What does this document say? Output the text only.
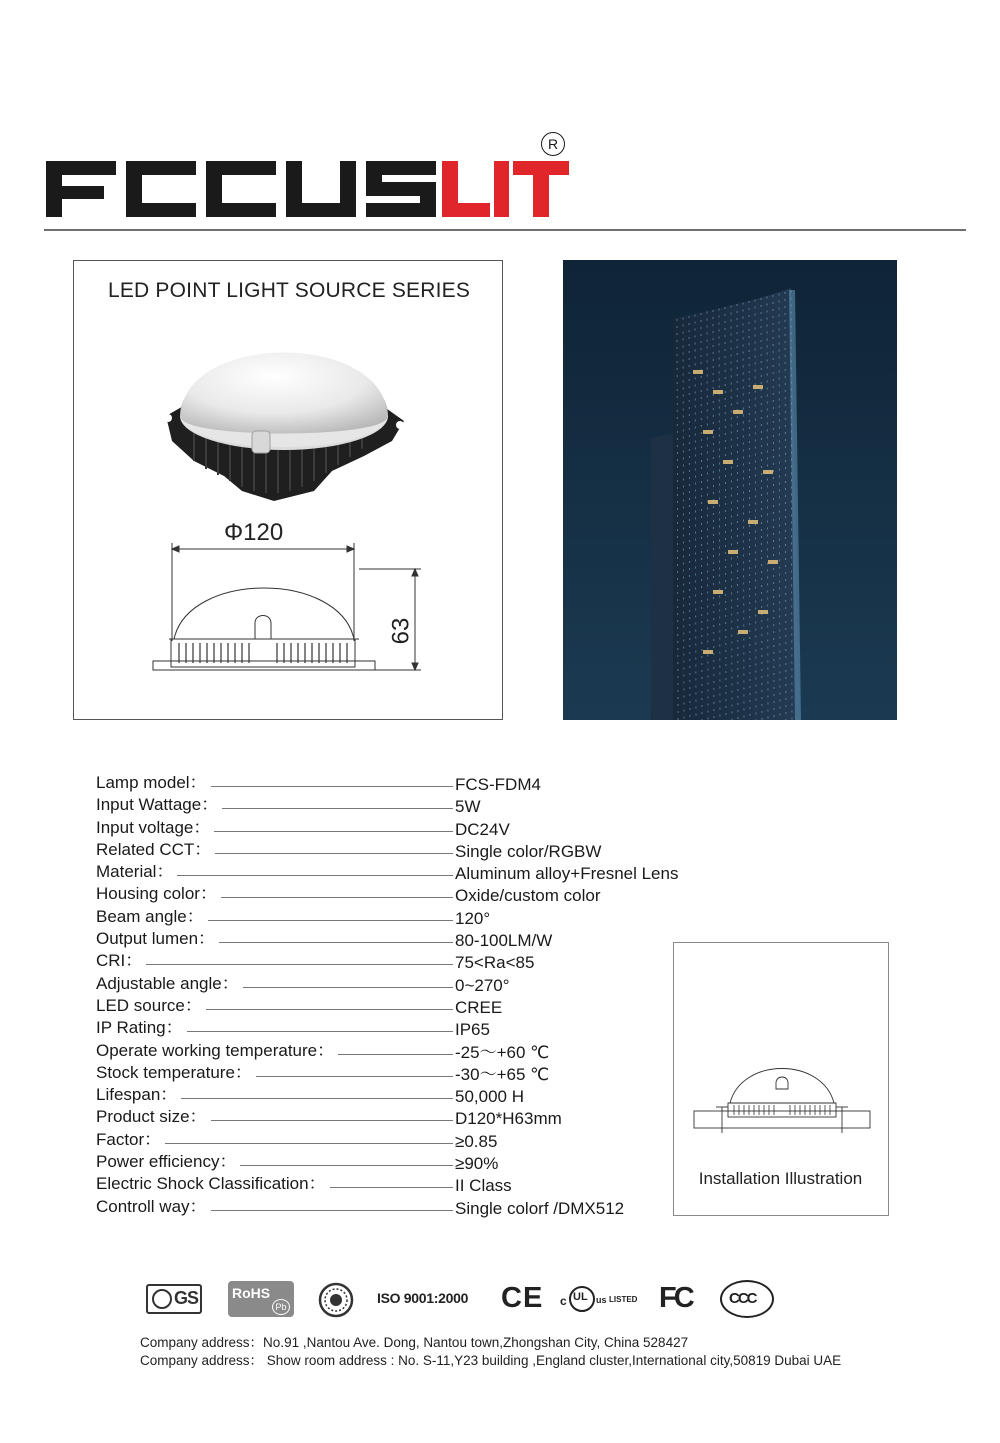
R
LED POINT LIGHT SOURCE SERIES
Φ120
63
Lamp model：	FCS-FDM4
Input Wattage：	5W
Input voltage：	DC24V
Related CCT：	Single color/RGBW
Material：	Aluminum alloy+Fresnel Lens
Housing color：	Oxide/custom color
Beam angle：	120°
Output lumen：	80-100LM/W
CRI：	75<Ra<85
Adjustable angle：	0~270°
LED source：	CREE
IP Rating：	IP65
Operate working temperature：	-25～+60 ℃
Stock temperature：	-30～+65 ℃
Lifespan：	50,000 H
Product size：	D120*H63mm
Factor：	≥0.85
Power efficiency：	≥90%
Electric Shock Classification：	II Class
Controll way：	Single colorf /DMX512
Installation Illustration
G
S RoHS
Pb
ISO 9001:2000 CE c UL us LISTED FC CCC
Company address：No.91 ,Nantou Ave. Dong, Nantou town,Zhongshan City, China 528427
Company address： Show room address : No. S-11,Y23 building ,England cluster,International city,50819 Dubai UAE
